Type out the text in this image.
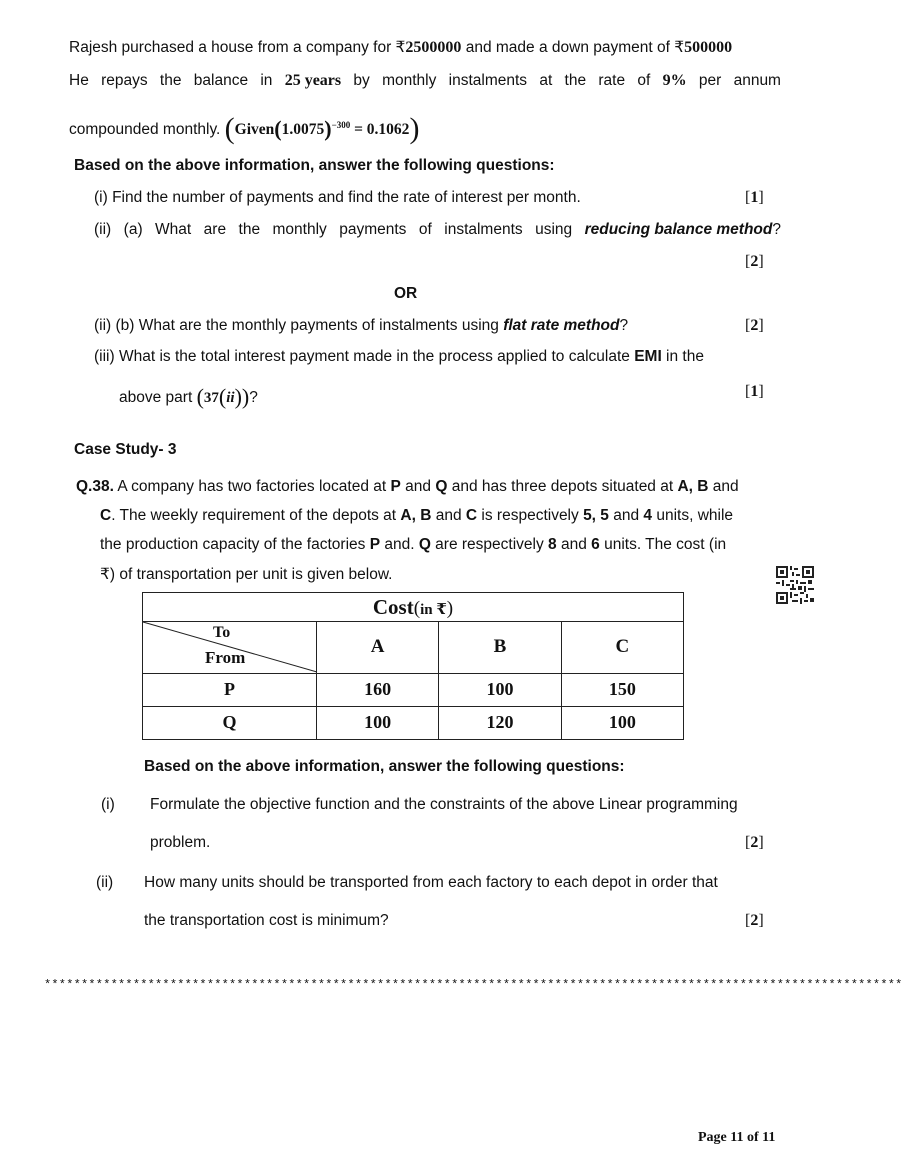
Rajesh purchased a house from a company for ₹2500000 and made a down payment of ₹500000
He repays the balance in 25 years by monthly instalments at the rate of 9% per annum
compounded monthly. $(Given(1.0075)^{-300} = 0.1062)$
Based on the above information, answer the following questions:
(i) Find the number of payments and find the rate of interest per month.	[1]
(ii) (a) What are the monthly payments of instalments using reducing balance method?
[2]
OR
(ii) (b) What are the monthly payments of instalments using flat rate method?	[2]
(iii) What is the total interest payment made in the process applied to calculate EMI in the
above part (37(ii))?	[1]
Case Study- 3
Q.38. A company has two factories located at P and Q and has three depots situated at A, B and
C. The weekly requirement of the depots at A, B and C is respectively 5, 5 and 4 units, while
the production capacity of the factories P and. Q are respectively 8 and 6 units. The cost (in
₹) of transportation per unit is given below.
Cost(in ₹)			

To
From	A	B	C
P	160	100	150
Q	100	120	100
Based on the above information, answer the following questions:
(i) Formulate the objective function and the constraints of the above Linear programming
problem.	[2]
(ii) How many units should be transported from each factory to each depot in order that
the transportation cost is minimum?	[2]
********************************************************************************************************************
Page 11 of 11
